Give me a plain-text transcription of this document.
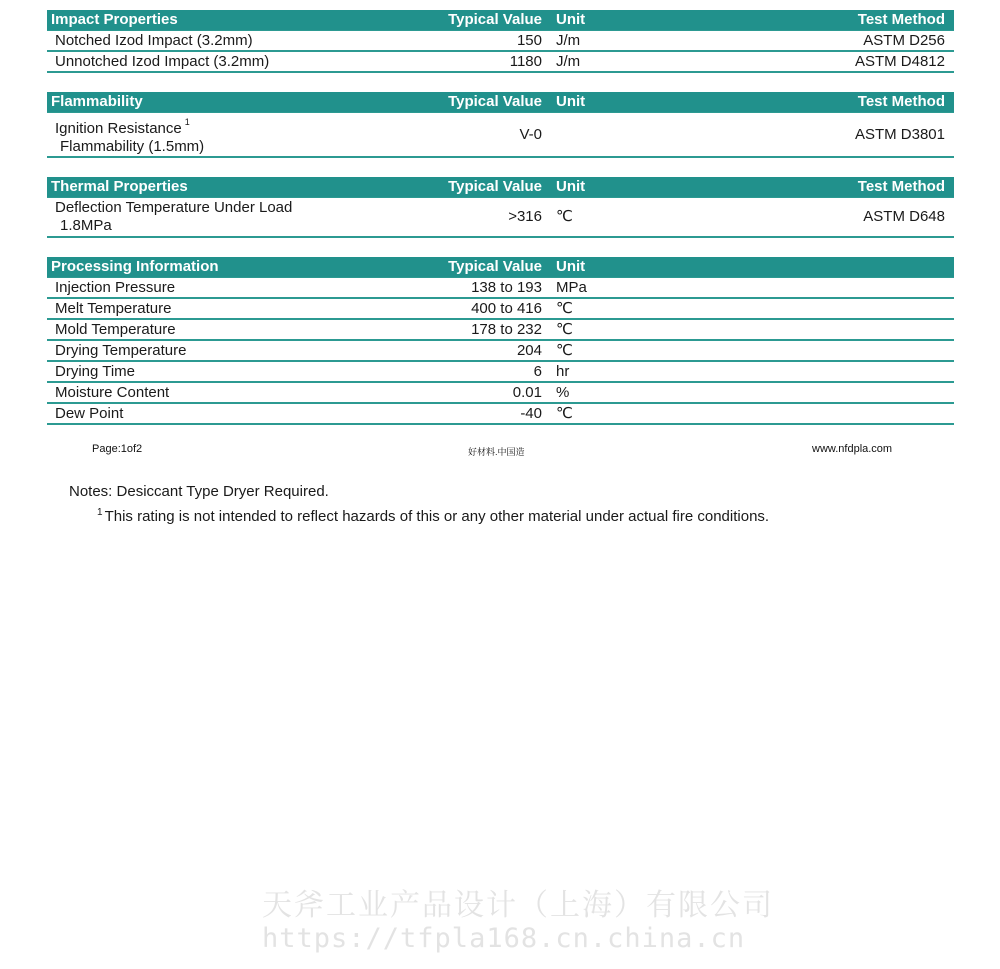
Impact Properties	Typical Value	Unit	Test Method
Notched Izod Impact (3.2mm)	150	J/m	ASTM D256
Unnotched Izod Impact (3.2mm)	1180	J/m	ASTM D4812
Flammability	Typical Value	Unit	Test Method
Ignition Resistance $^1$
Flammability (1.5mm)	V-0		ASTM D3801
Thermal Properties	Typical Value	Unit	Test Method
Deflection Temperature Under Load
1.8MPa	>316	℃	ASTM D648
Processing Information	Typical Value	Unit	
Injection Pressure	138 to 193	MPa	
Melt Temperature	400 to 416	℃	
Mold Temperature	178 to 232	℃	
Drying Temperature	204	℃	
Drying Time	6	hr	
Moisture Content	0.01	%	
Dew Point	-40	℃	
Page:1of2	好材料.中国造	www.nfdpla.com
Notes: Desiccant Type Dryer Required.
$^1$ This rating is not intended to reflect hazards of this or any other material under actual fire conditions.
天斧工业产品设计（上海）有限公司
https://tfpla168.cn.china.cn
